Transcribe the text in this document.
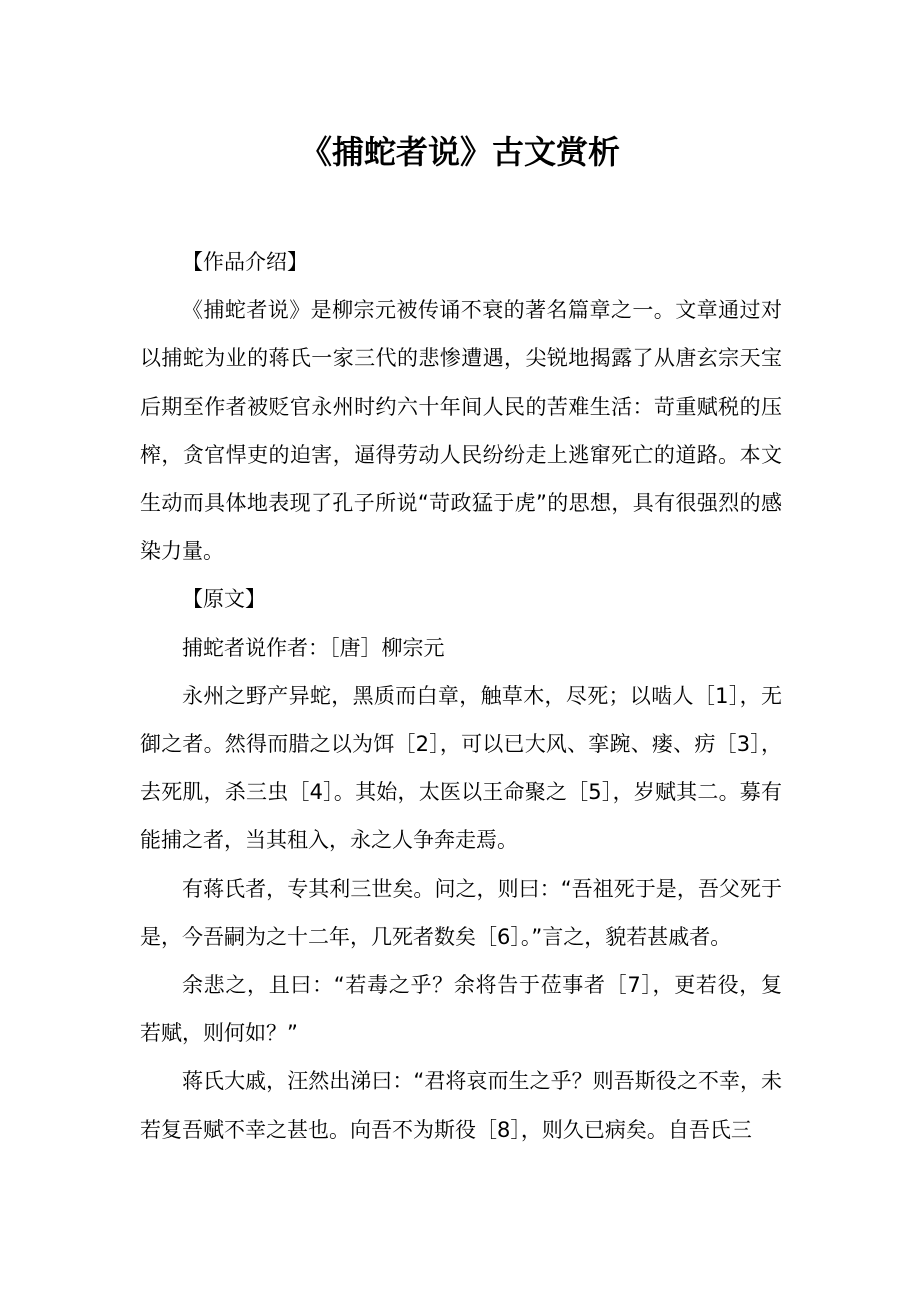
《捕蛇者说》古文赏析

【作品介绍】

《捕蛇者说》是柳宗元被传诵不衰的著名篇章之一。文章通过对以捕蛇为业的蒋氏一家三代的悲惨遭遇，尖锐地揭露了从唐玄宗天宝后期至作者被贬官永州时约六十年间人民的苦难生活：苛重赋税的压榨，贪官悍吏的迫害，逼得劳动人民纷纷走上逃窜死亡的道路。本文生动而具体地表现了孔子所说“苛政猛于虎”的思想，具有很强烈的感染力量。

【原文】

捕蛇者说作者：［唐］柳宗元

永州之野产异蛇，黑质而白章，触草木，尽死；以啮人［1］，无御之者。然得而腊之以为饵［2］，可以已大风、挛踠、瘘、疠［3］，去死肌，杀三虫［4］。其始，太医以王命聚之［5］，岁赋其二。募有能捕之者，当其租入，永之人争奔走焉。

有蒋氏者，专其利三世矣。问之，则曰：“吾祖死于是，吾父死于是，今吾嗣为之十二年，几死者数矣［6］。”言之，貌若甚戚者。

余悲之，且曰：“若毒之乎？余将告于莅事者［7］，更若役，复若赋，则何如？”

蒋氏大戚，汪然出涕曰：“君将哀而生之乎？则吾斯役之不幸，未若复吾赋不幸之甚也。向吾不为斯役［8］，则久已病矣。自吾氏三
